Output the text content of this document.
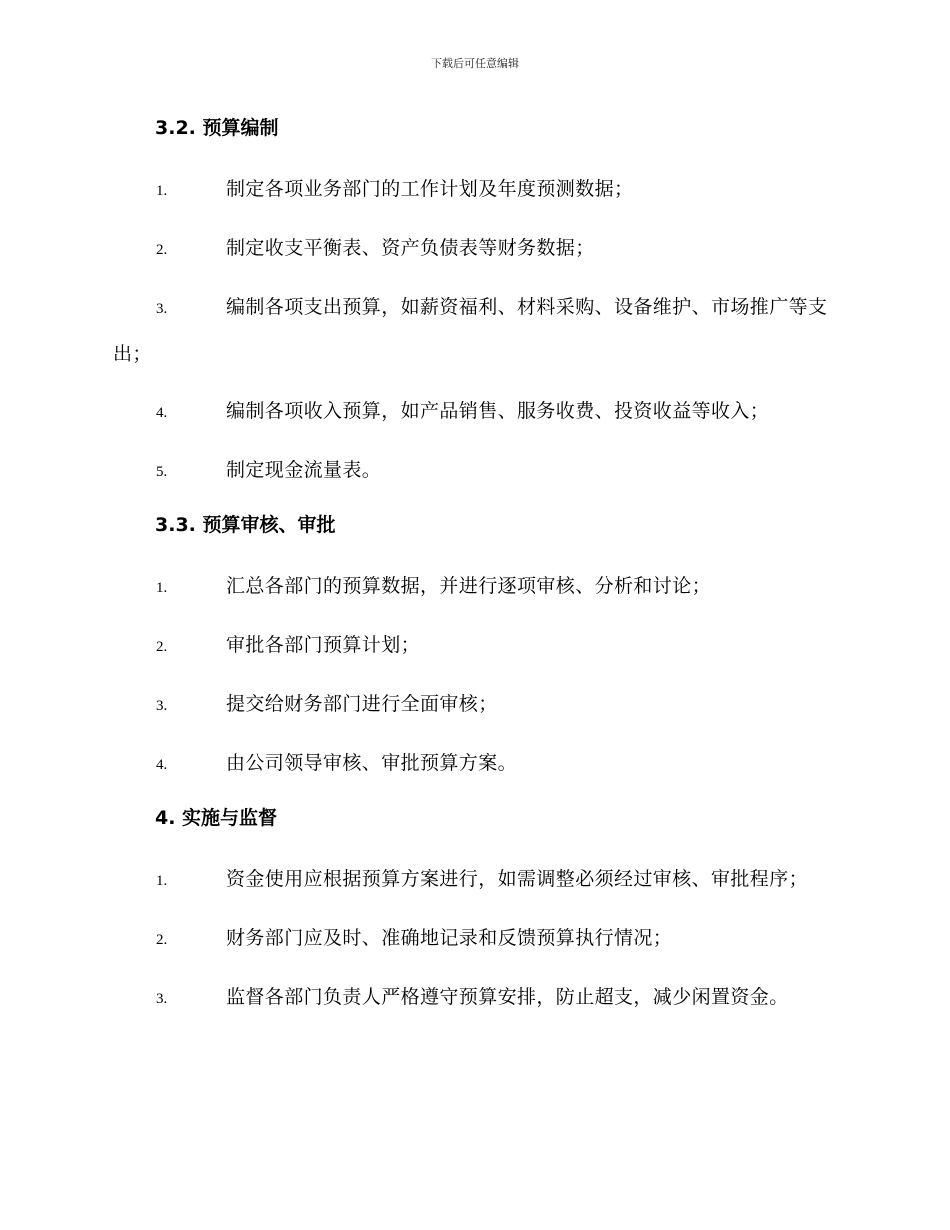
下载后可任意编辑
3.2. 预算编制
1.	制定各项业务部门的工作计划及年度预测数据；
2.	制定收支平衡表、资产负债表等财务数据；
3.	编制各项支出预算，如薪资福利、材料采购、设备维护、市场推广等支出；
4.	编制各项收入预算，如产品销售、服务收费、投资收益等收入；
5.	制定现金流量表。
3.3. 预算审核、审批
1.	汇总各部门的预算数据，并进行逐项审核、分析和讨论；
2.	审批各部门预算计划；
3.	提交给财务部门进行全面审核；
4.	由公司领导审核、审批预算方案。
4. 实施与监督
1.	资金使用应根据预算方案进行，如需调整必须经过审核、审批程序；
2.	财务部门应及时、准确地记录和反馈预算执行情况；
3.	监督各部门负责人严格遵守预算安排，防止超支，减少闲置资金。
